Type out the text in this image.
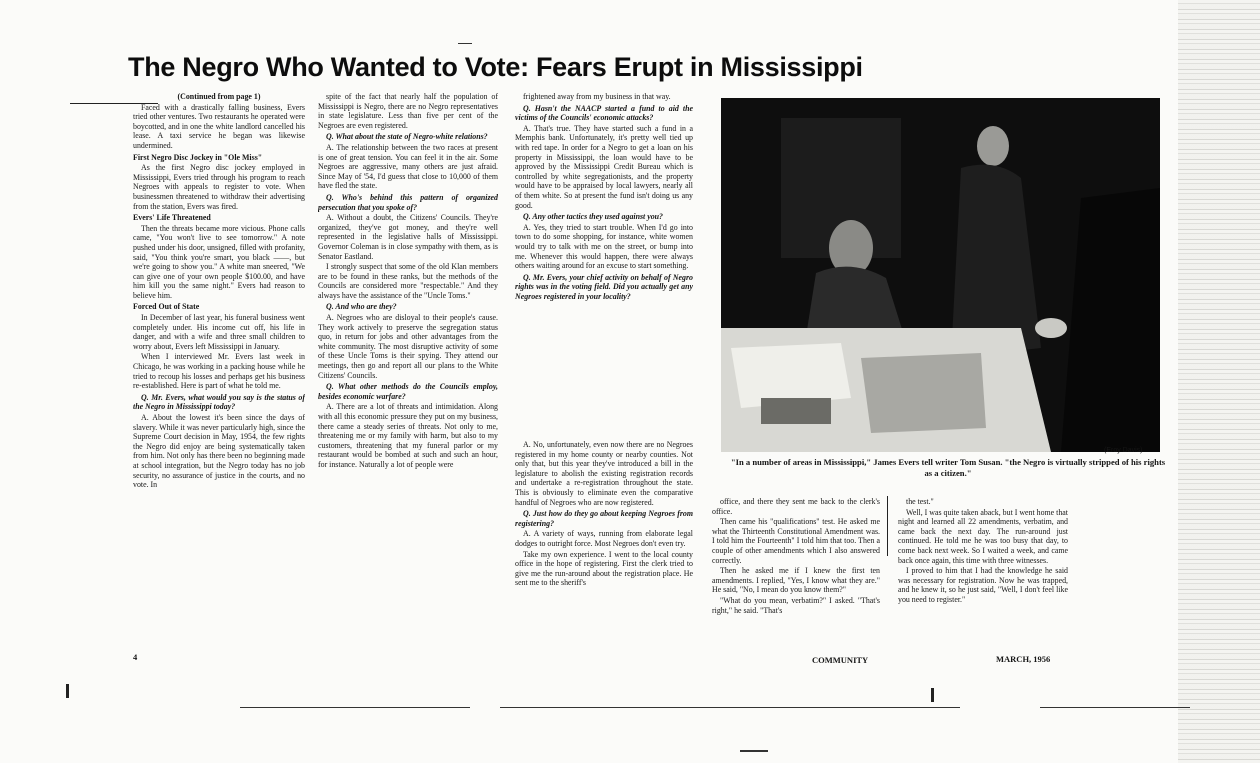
The Negro Who Wanted to Vote: Fears Erupt in Mississippi

(Continued from page 1)

Faced with a drastically falling business, Evers tried other ventures. Two restaurants he operated were boycotted, and in one the white landlord cancelled his lease. A taxi service he began was likewise undermined.

First Negro Disc Jockey in "Ole Miss"

As the first Negro disc jockey employed in Mississippi, Evers tried through his program to reach Negroes with appeals to register to vote. When businessmen threatened to withdraw their advertising from the station, Evers was fired.

Evers' Life Threatened

Then the threats became more vicious. Phone calls came, "You won't live to see tomorrow." A note pushed under his door, unsigned, filled with profanity, said, "You think you're smart, you black ——, but we're going to show you." A white man sneered, "We can give one of your own people $100.00, and have him kill you the same night." Evers had reason to believe him.

Forced Out of State

In December of last year, his funeral business went completely under. His income cut off, his life in danger, and with a wife and three small children to worry about, Evers left Mississippi in January.

When I interviewed Mr. Evers last week in Chicago, he was working in a packing house while he tried to recoup his losses and perhaps get his business re-established. Here is part of what he told me.

Q. Mr. Evers, what would you say is the status of the Negro in Mississippi today?

A. About the lowest it's been since the days of slavery. While it was never particularly high, since the Supreme Court decision in May, 1954, the few rights the Negro did enjoy are being systematically taken from him. Not only has there been no beginning made at school integration, but the Negro today has no job security, no assurance of justice in the courts, and no vote. In

spite of the fact that nearly half the population of Mississippi is Negro, there are no Negro representatives in state legislature. Less than five per cent of the Negroes are even registered.

Q. What about the state of Negro-white relations?

A. The relationship between the two races at present is one of great tension. You can feel it in the air. Some Negroes are aggressive, many others are just afraid. Since May of '54, I'd guess that close to 10,000 of them have fled the state.

Q. Who's behind this pattern of organized persecution that you spoke of?

A. Without a doubt, the Citizens' Councils. They're organized, they've got money, and they're well represented in the legislative halls of Mississippi. Governor Coleman is in close sympathy with them, as is Senator Eastland.

I strongly suspect that some of the old Klan members are to be found in these ranks, but the methods of the Councils are considered more "respectable." And they always have the assistance of the "Uncle Toms."

Q. And who are they?

A. Negroes who are disloyal to their people's cause. They work actively to preserve the segregation status quo, in return for jobs and other advantages from the white community. The most disruptive activity of some of these Uncle Toms is their spying. They attend our meetings, then go and report all our plans to the White Citizens' Councils.

Q. What other methods do the Councils employ, besides economic warfare?

A. There are a lot of threats and intimidation. Along with all this economic pressure they put on my business, there came a steady series of threats. Not only to me, threatening me or my family with harm, but also to my customers, threatening that my funeral parlor or my restaurant would be bombed at such and such an hour, for instance. Naturally a lot of people were

frightened away from my business in that way.

Q. Hasn't the NAACP started a fund to aid the victims of the Councils' economic attacks?

A. That's true. They have started such a fund in a Memphis bank. Unfortunately, it's pretty well tied up with red tape. In order for a Negro to get a loan on his property in Mississippi, the loan would have to be approved by the Mississippi Credit Bureau which is controlled by white segregationists, and the property would have to be appraised by local lawyers, nearly all of them white. So at present the fund isn't doing us any good.

Q. Any other tactics they used against you?

A. Yes, they tried to start trouble. When I'd go into town to do some shopping, for instance, white women would try to talk with me on the street, or bump into me. Whenever this would happen, there were always others waiting around for an excuse to start something.

Q. Mr. Evers, your chief activity on behalf of Negro rights was in the voting field. Did you actually get any Negroes registered in your locality?

A. No, unfortunately, even now there are no Negroes registered in my home county or nearby counties. Not only that, but this year they've introduced a bill in the legislature to abolish the existing registration records and undertake a re-registration throughout the state. This is obviously to eliminate even the comparative handful of Negroes who are now registered.

Q. Just how do they go about keeping Negroes from registering?

A. A variety of ways, running from elaborate legal dodges to outright force. Most Negroes don't even try.

Take my own experience. I went to the local county office in the hope of registering. First the clerk tried to give me the run-around about the registration place. He sent me to the sheriff's

(Eroy Davis)
"In a number of areas in Mississippi," James Evers tell writer Tom Susan. "the Negro is virtually stripped of his rights as a citizen."

office, and there they sent me back to the clerk's office.

Then came his "qualifications" test. He asked me what the Thirteenth Constitutional Amendment was. I told him the Fourteenth" I told him that too. Then a couple of other amendments which I also answered correctly.

Then he asked me if I knew the first ten amendments. I replied, "Yes, I know what they are." He said, "No, I mean do you know them?"

"What do you mean, verbatim?" I asked. "That's right," he said. "That's

the test."

Well, I was quite taken aback, but I went home that night and learned all 22 amendments, verbatim, and came back the next day. The run-around just continued. He told me he was too busy that day, to come back next week. So I waited a week, and came back once again, this time with three witnesses.

I proved to him that I had the knowledge he said was necessary for registration. Now he was trapped, and he knew it, so he just said, "Well, I don't feel like you need to register."

4	COMMUNITY	MARCH, 1956
